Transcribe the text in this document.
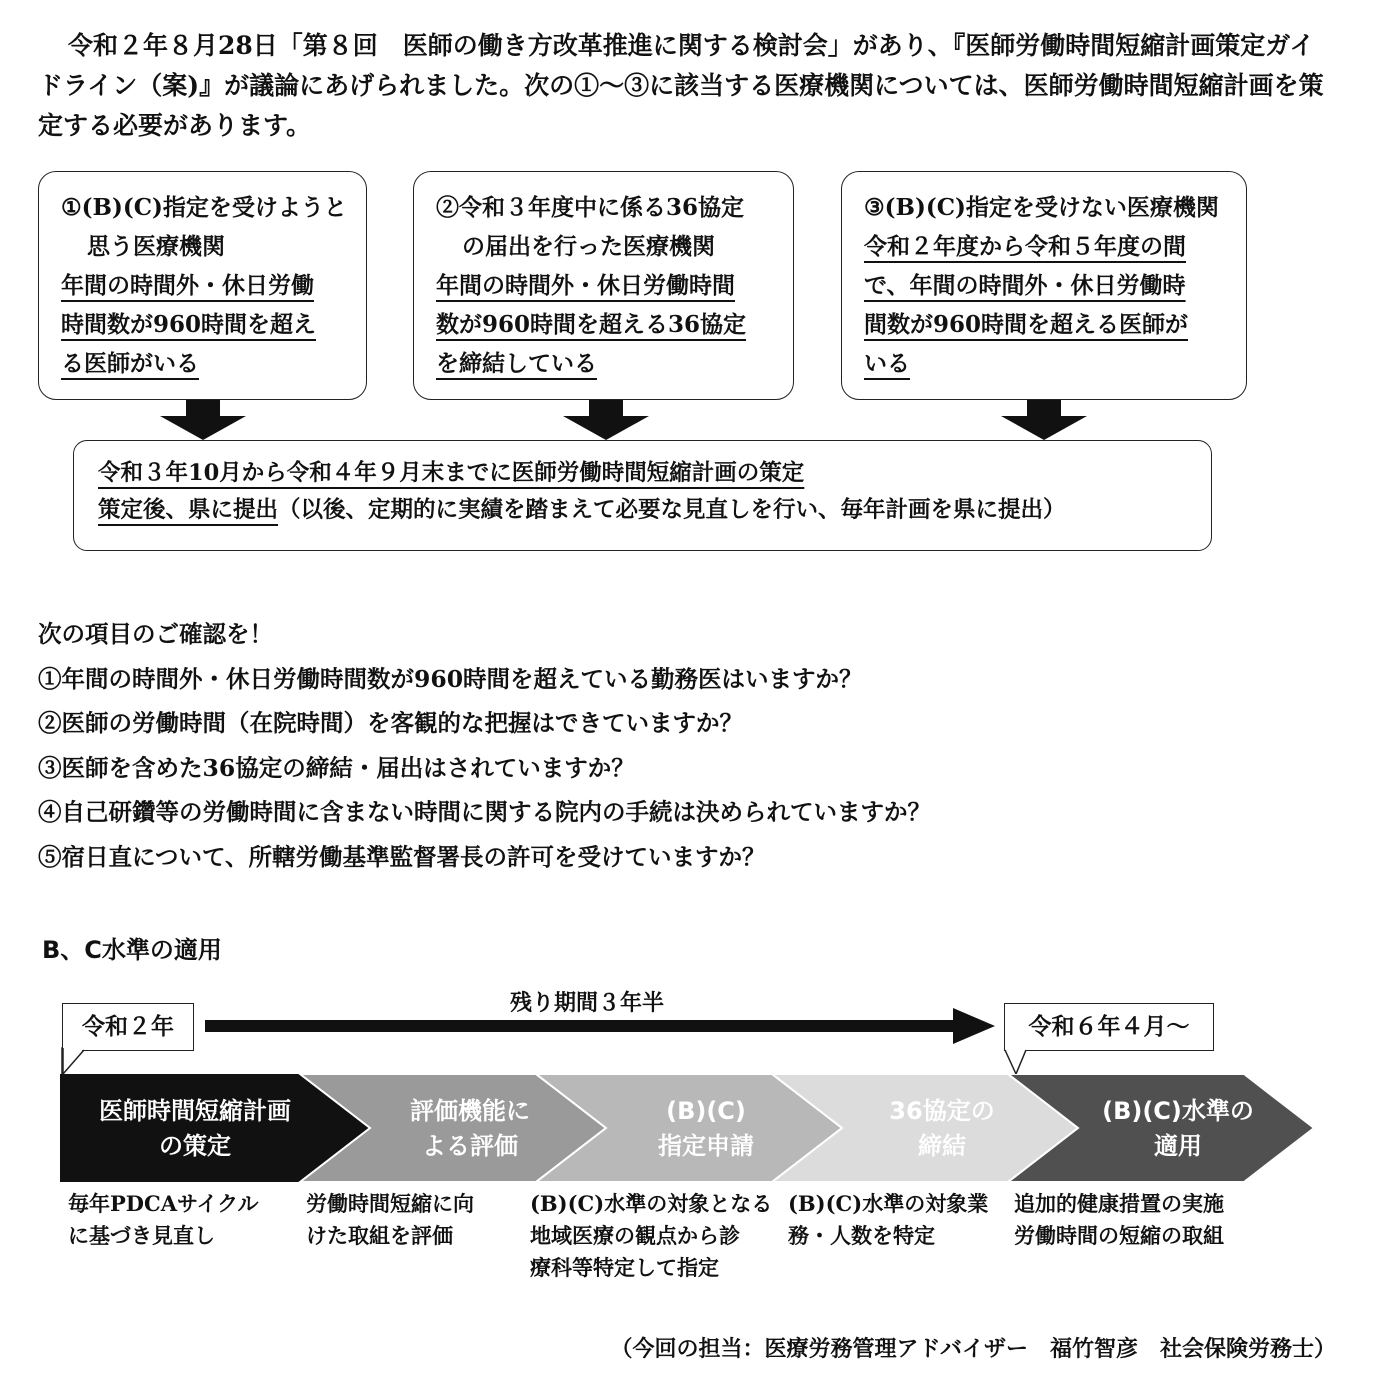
令和２年８月28日「第８回　医師の働き方改革推進に関する検討会」があり、『医師労働時間短縮計画策定ガイドライン（案)』が議論にあげられました。次の①～③に該当する医療機関については、医師労働時間短縮計画を策定する必要があります。

①(B)(C)指定を受けようと
思う医療機関
年間の時間外・休日労働
時間数が960時間を超え
る医師がいる
②令和３年度中に係る36協定
の届出を行った医療機関
年間の時間外・休日労働時間
数が960時間を超える36協定
を締結している
③(B)(C)指定を受けない医療機関
令和２年度から令和５年度の間
で、年間の時間外・休日労働時
間数が960時間を超える医師が
いる
令和３年10月から令和４年９月末までに医師労働時間短縮計画の策定
策定後、県に提出（以後、定期的に実績を踏まえて必要な見直しを行い、毎年計画を県に提出）
次の項目のご確認を！
①年間の時間外・休日労働時間数が960時間を超えている勤務医はいますか？
②医師の労働時間（在院時間）を客観的な把握はできていますか？
③医師を含めた36協定の締結・届出はされていますか？
④自己研鑽等の労働時間に含まない時間に関する院内の手続は決められていますか？
⑤宿日直について、所轄労働基準監督署長の許可を受けていますか？
B、C水準の適用
令和２年	令和６年４月～
残り期間３年半
医師時間短縮計画
の策定
評価機能に
よる評価
(B)(C)
指定申請
36協定の
締結
(B)(C)水準の
適用
毎年PDCAサイクル
に基づき見直し
労働時間短縮に向
けた取組を評価
(B)(C)水準の対象となる
地域医療の観点から診
療科等特定して指定
(B)(C)水準の対象業
務・人数を特定
追加的健康措置の実施
労働時間の短縮の取組
（今回の担当：医療労務管理アドバイザー　福竹智彦　社会保険労務士）
